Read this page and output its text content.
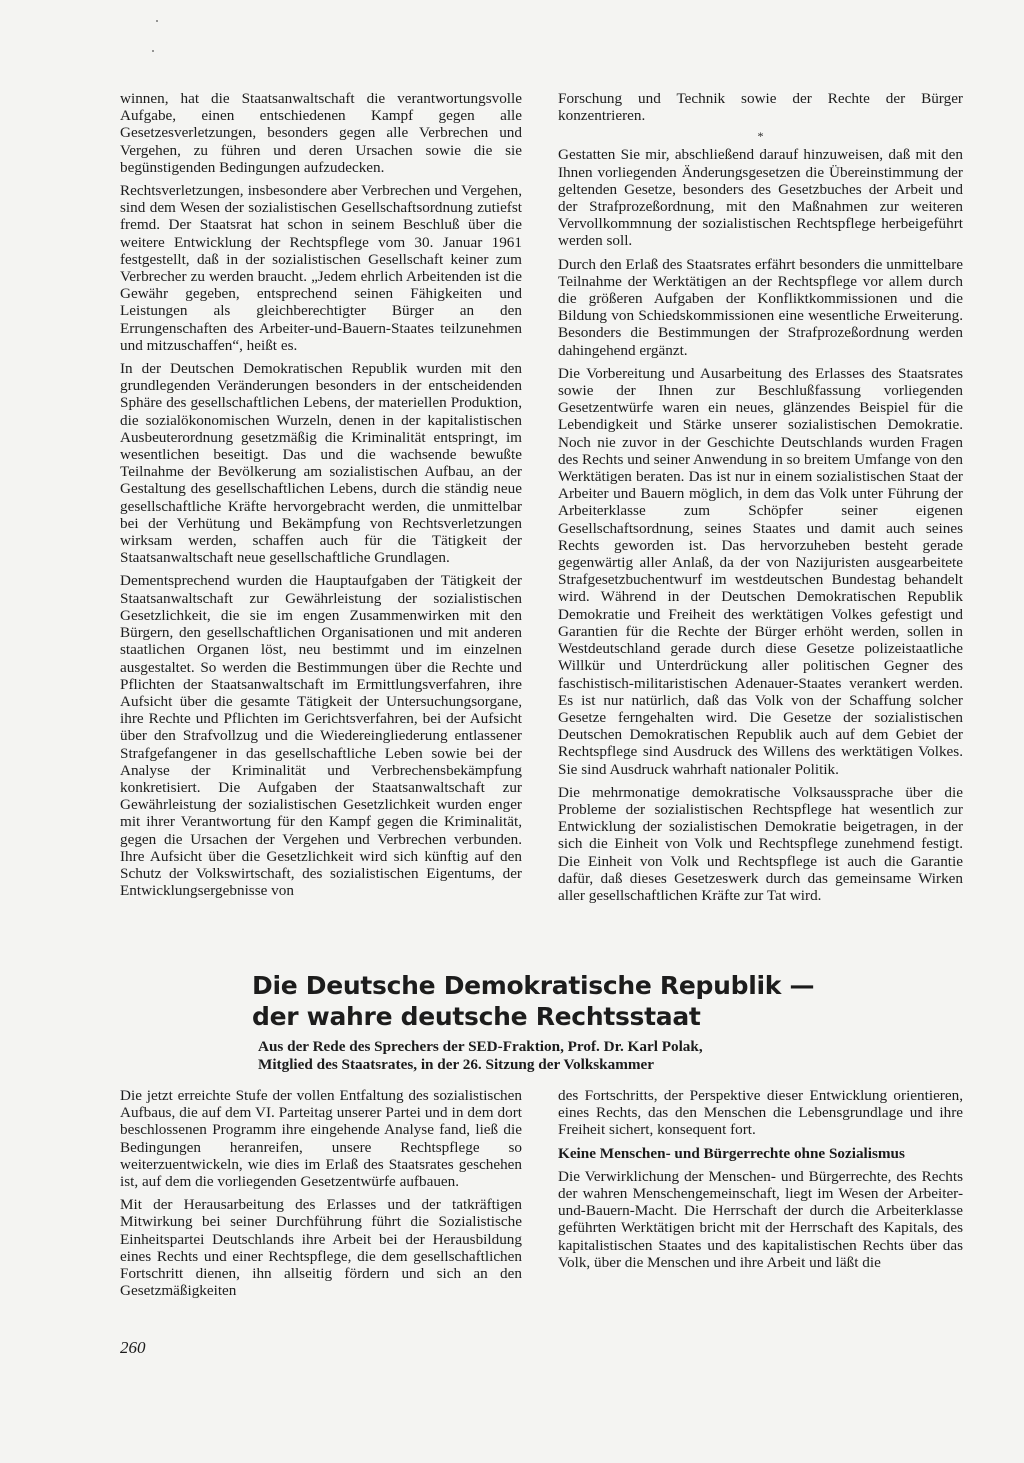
winnen, hat die Staatsanwaltschaft die verantwortungsvolle Aufgabe, einen entschiedenen Kampf gegen alle Gesetzesverletzungen, besonders gegen alle Verbrechen und Vergehen, zu führen und deren Ursachen sowie die sie begünstigenden Bedingungen aufzudecken.

Rechtsverletzungen, insbesondere aber Verbrechen und Vergehen, sind dem Wesen der sozialistischen Gesellschaftsordnung zutiefst fremd. Der Staatsrat hat schon in seinem Beschluß über die weitere Entwicklung der Rechtspflege vom 30. Januar 1961 festgestellt, daß in der sozialistischen Gesellschaft keiner zum Verbrecher zu werden braucht. „Jedem ehrlich Arbeitenden ist die Gewähr gegeben, entsprechend seinen Fähigkeiten und Leistungen als gleichberechtigter Bürger an den Errungenschaften des Arbeiter-und-Bauern-Staates teilzunehmen und mitzuschaffen“, heißt es.

In der Deutschen Demokratischen Republik wurden mit den grundlegenden Veränderungen besonders in der entscheidenden Sphäre des gesellschaftlichen Lebens, der materiellen Produktion, die sozialökonomischen Wurzeln, denen in der kapitalistischen Ausbeuterordnung gesetzmäßig die Kriminalität entspringt, im wesentlichen beseitigt. Das und die wachsende bewußte Teilnahme der Bevölkerung am sozialistischen Aufbau, an der Gestaltung des gesellschaftlichen Lebens, durch die ständig neue gesellschaftliche Kräfte hervorgebracht werden, die unmittelbar bei der Verhütung und Bekämpfung von Rechtsverletzungen wirksam werden, schaffen auch für die Tätigkeit der Staatsanwaltschaft neue gesellschaftliche Grundlagen.

Dementsprechend wurden die Hauptaufgaben der Tätigkeit der Staatsanwaltschaft zur Gewährleistung der sozialistischen Gesetzlichkeit, die sie im engen Zusammenwirken mit den Bürgern, den gesellschaftlichen Organisationen und mit anderen staatlichen Organen löst, neu bestimmt und im einzelnen ausgestaltet. So werden die Bestimmungen über die Rechte und Pflichten der Staatsanwaltschaft im Ermittlungsverfahren, ihre Aufsicht über die gesamte Tätigkeit der Untersuchungsorgane, ihre Rechte und Pflichten im Gerichtsverfahren, bei der Aufsicht über den Strafvollzug und die Wiedereingliederung entlassener Strafgefangener in das gesellschaftliche Leben sowie bei der Analyse der Kriminalität und Verbrechensbekämpfung konkretisiert. Die Aufgaben der Staatsanwaltschaft zur Gewährleistung der sozialistischen Gesetzlichkeit wurden enger mit ihrer Verantwortung für den Kampf gegen die Kriminalität, gegen die Ursachen der Vergehen und Verbrechen verbunden. Ihre Aufsicht über die Gesetzlichkeit wird sich künftig auf den Schutz der Volkswirtschaft, des sozialistischen Eigentums, der Entwicklungsergebnisse von

Forschung und Technik sowie der Rechte der Bürger konzentrieren.

*

Gestatten Sie mir, abschließend darauf hinzuweisen, daß mit den Ihnen vorliegenden Änderungsgesetzen die Übereinstimmung der geltenden Gesetze, besonders des Gesetzbuches der Arbeit und der Strafprozeßordnung, mit den Maßnahmen zur weiteren Vervollkommnung der sozialistischen Rechtspflege herbeigeführt werden soll.

Durch den Erlaß des Staatsrates erfährt besonders die unmittelbare Teilnahme der Werktätigen an der Rechtspflege vor allem durch die größeren Aufgaben der Konfliktkommissionen und die Bildung von Schiedskommissionen eine wesentliche Erweiterung. Besonders die Bestimmungen der Strafprozeßordnung werden dahingehend ergänzt.

Die Vorbereitung und Ausarbeitung des Erlasses des Staatsrates sowie der Ihnen zur Beschlußfassung vorliegenden Gesetzentwürfe waren ein neues, glänzendes Beispiel für die Lebendigkeit und Stärke unserer sozialistischen Demokratie. Noch nie zuvor in der Geschichte Deutschlands wurden Fragen des Rechts und seiner Anwendung in so breitem Umfange von den Werktätigen beraten. Das ist nur in einem sozialistischen Staat der Arbeiter und Bauern möglich, in dem das Volk unter Führung der Arbeiterklasse zum Schöpfer seiner eigenen Gesellschaftsordnung, seines Staates und damit auch seines Rechts geworden ist. Das hervorzuheben besteht gerade gegenwärtig aller Anlaß, da der von Nazijuristen ausgearbeitete Strafgesetzbuchentwurf im westdeutschen Bundestag behandelt wird. Während in der Deutschen Demokratischen Republik Demokratie und Freiheit des werktätigen Volkes gefestigt und Garantien für die Rechte der Bürger erhöht werden, sollen in Westdeutschland gerade durch diese Gesetze polizeistaatliche Willkür und Unterdrückung aller politischen Gegner des faschistisch-militaristischen Adenauer-Staates verankert werden. Es ist nur natürlich, daß das Volk von der Schaffung solcher Gesetze ferngehalten wird. Die Gesetze der sozialistischen Deutschen Demokratischen Republik auch auf dem Gebiet der Rechtspflege sind Ausdruck des Willens des werktätigen Volkes. Sie sind Ausdruck wahrhaft nationaler Politik.

Die mehrmonatige demokratische Volksaussprache über die Probleme der sozialistischen Rechtspflege hat wesentlich zur Entwicklung der sozialistischen Demokratie beigetragen, in der sich die Einheit von Volk und Rechtspflege zunehmend festigt. Die Einheit von Volk und Rechtspflege ist auch die Garantie dafür, daß dieses Gesetzeswerk durch das gemeinsame Wirken aller gesellschaftlichen Kräfte zur Tat wird.

Die Deutsche Demokratische Republik —
der wahre deutsche Rechtsstaat
Aus der Rede des Sprechers der SED-Fraktion, Prof. Dr. Karl Polak,
Mitglied des Staatsrates, in der 26. Sitzung der Volkskammer

Die jetzt erreichte Stufe der vollen Entfaltung des sozialistischen Aufbaus, die auf dem VI. Parteitag unserer Partei und in dem dort beschlossenen Programm ihre eingehende Analyse fand, ließ die Bedingungen heranreifen, unsere Rechtspflege so weiterzuentwickeln, wie dies im Erlaß des Staatsrates geschehen ist, auf dem die vorliegenden Gesetzentwürfe aufbauen.

Mit der Herausarbeitung des Erlasses und der tatkräftigen Mitwirkung bei seiner Durchführung führt die Sozialistische Einheitspartei Deutschlands ihre Arbeit bei der Herausbildung eines Rechts und einer Rechtspflege, die dem gesellschaftlichen Fortschritt dienen, ihn allseitig fördern und sich an den Gesetzmäßigkeiten

des Fortschritts, der Perspektive dieser Entwicklung orientieren, eines Rechts, das den Menschen die Lebensgrundlage und ihre Freiheit sichert, konsequent fort.

Keine Menschen- und Bürgerrechte ohne Sozialismus

Die Verwirklichung der Menschen- und Bürgerrechte, des Rechts der wahren Menschengemeinschaft, liegt im Wesen der Arbeiter-und-Bauern-Macht. Die Herrschaft der durch die Arbeiterklasse geführten Werktätigen bricht mit der Herrschaft des Kapitals, des kapitalistischen Staates und des kapitalistischen Rechts über das Volk, über die Menschen und ihre Arbeit und läßt die

260
